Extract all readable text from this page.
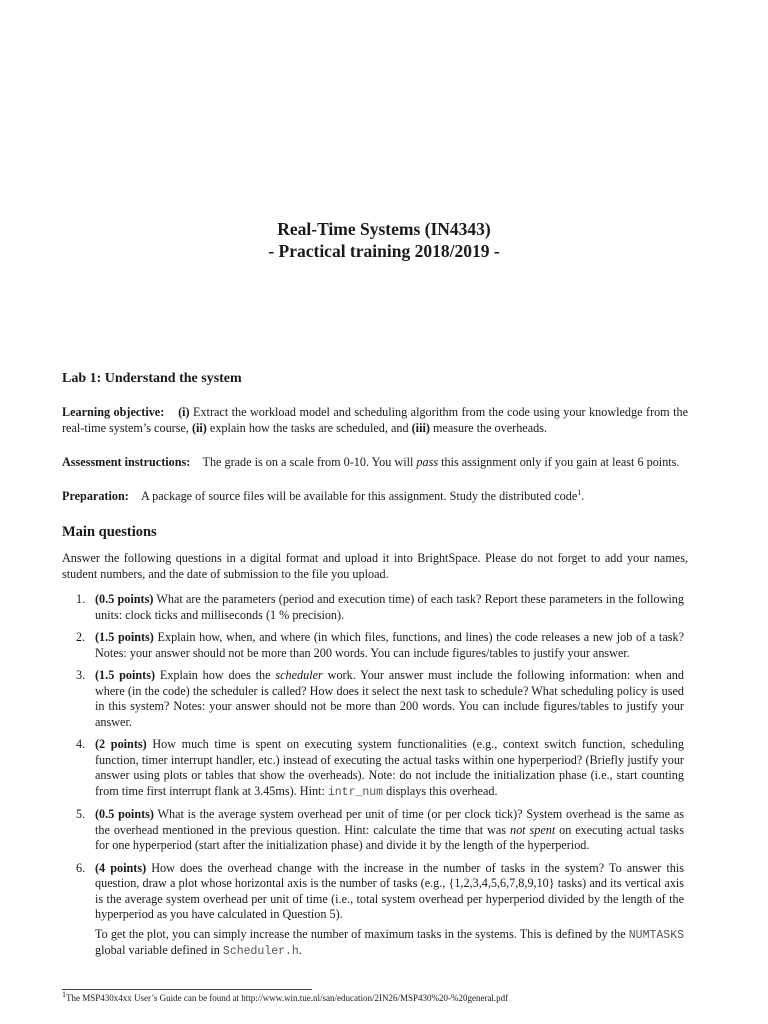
Real-Time Systems (IN4343)
- Practical training 2018/2019 -
Lab 1: Understand the system
Learning objective: (i) Extract the workload model and scheduling algorithm from the code using your knowledge from the real-time system’s course, (ii) explain how the tasks are scheduled, and (iii) measure the overheads.
Assessment instructions: The grade is on a scale from 0-10. You will pass this assignment only if you gain at least 6 points.
Preparation: A package of source files will be available for this assignment. Study the distributed code$^1$.
Main questions
Answer the following questions in a digital format and upload it into BrightSpace. Please do not forget to add your names, student numbers, and the date of submission to the file you upload.
1. (0.5 points) What are the parameters (period and execution time) of each task? Report these parameters in the following units: clock ticks and milliseconds (1 % precision).
2. (1.5 points) Explain how, when, and where (in which files, functions, and lines) the code releases a new job of a task? Notes: your answer should not be more than 200 words. You can include figures/tables to justify your answer.
3. (1.5 points) Explain how does the scheduler work. Your answer must include the following information: when and where (in the code) the scheduler is called? How does it select the next task to schedule? What scheduling policy is used in this system? Notes: your answer should not be more than 200 words. You can include figures/tables to justify your answer.
4. (2 points) How much time is spent on executing system functionalities (e.g., context switch function, scheduling function, timer interrupt handler, etc.) instead of executing the actual tasks within one hyperperiod? (Briefly justify your answer using plots or tables that show the overheads). Note: do not include the initialization phase (i.e., start counting from time first interrupt flank at 3.45ms). Hint: intr_num displays this overhead.
5. (0.5 points) What is the average system overhead per unit of time (or per clock tick)? System overhead is the same as the overhead mentioned in the previous question. Hint: calculate the time that was not spent on executing actual tasks for one hyperperiod (start after the initialization phase) and divide it by the length of the hyperperiod.
6. (4 points) How does the overhead change with the increase in the number of tasks in the system? To answer this question, draw a plot whose horizontal axis is the number of tasks (e.g., {1,2,3,4,5,6,7,8,9,10} tasks) and its vertical axis is the average system overhead per unit of time (i.e., total system overhead per hyperperiod divided by the length of the hyperperiod as you have calculated in Question 5).
To get the plot, you can simply increase the number of maximum tasks in the systems. This is defined by the NUMTASKS global variable defined in Scheduler.h.
$^1$The MSP430x4xx User’s Guide can be found at http://www.win.tue.nl/san/education/2IN26/MSP430%20-%20general.pdf
